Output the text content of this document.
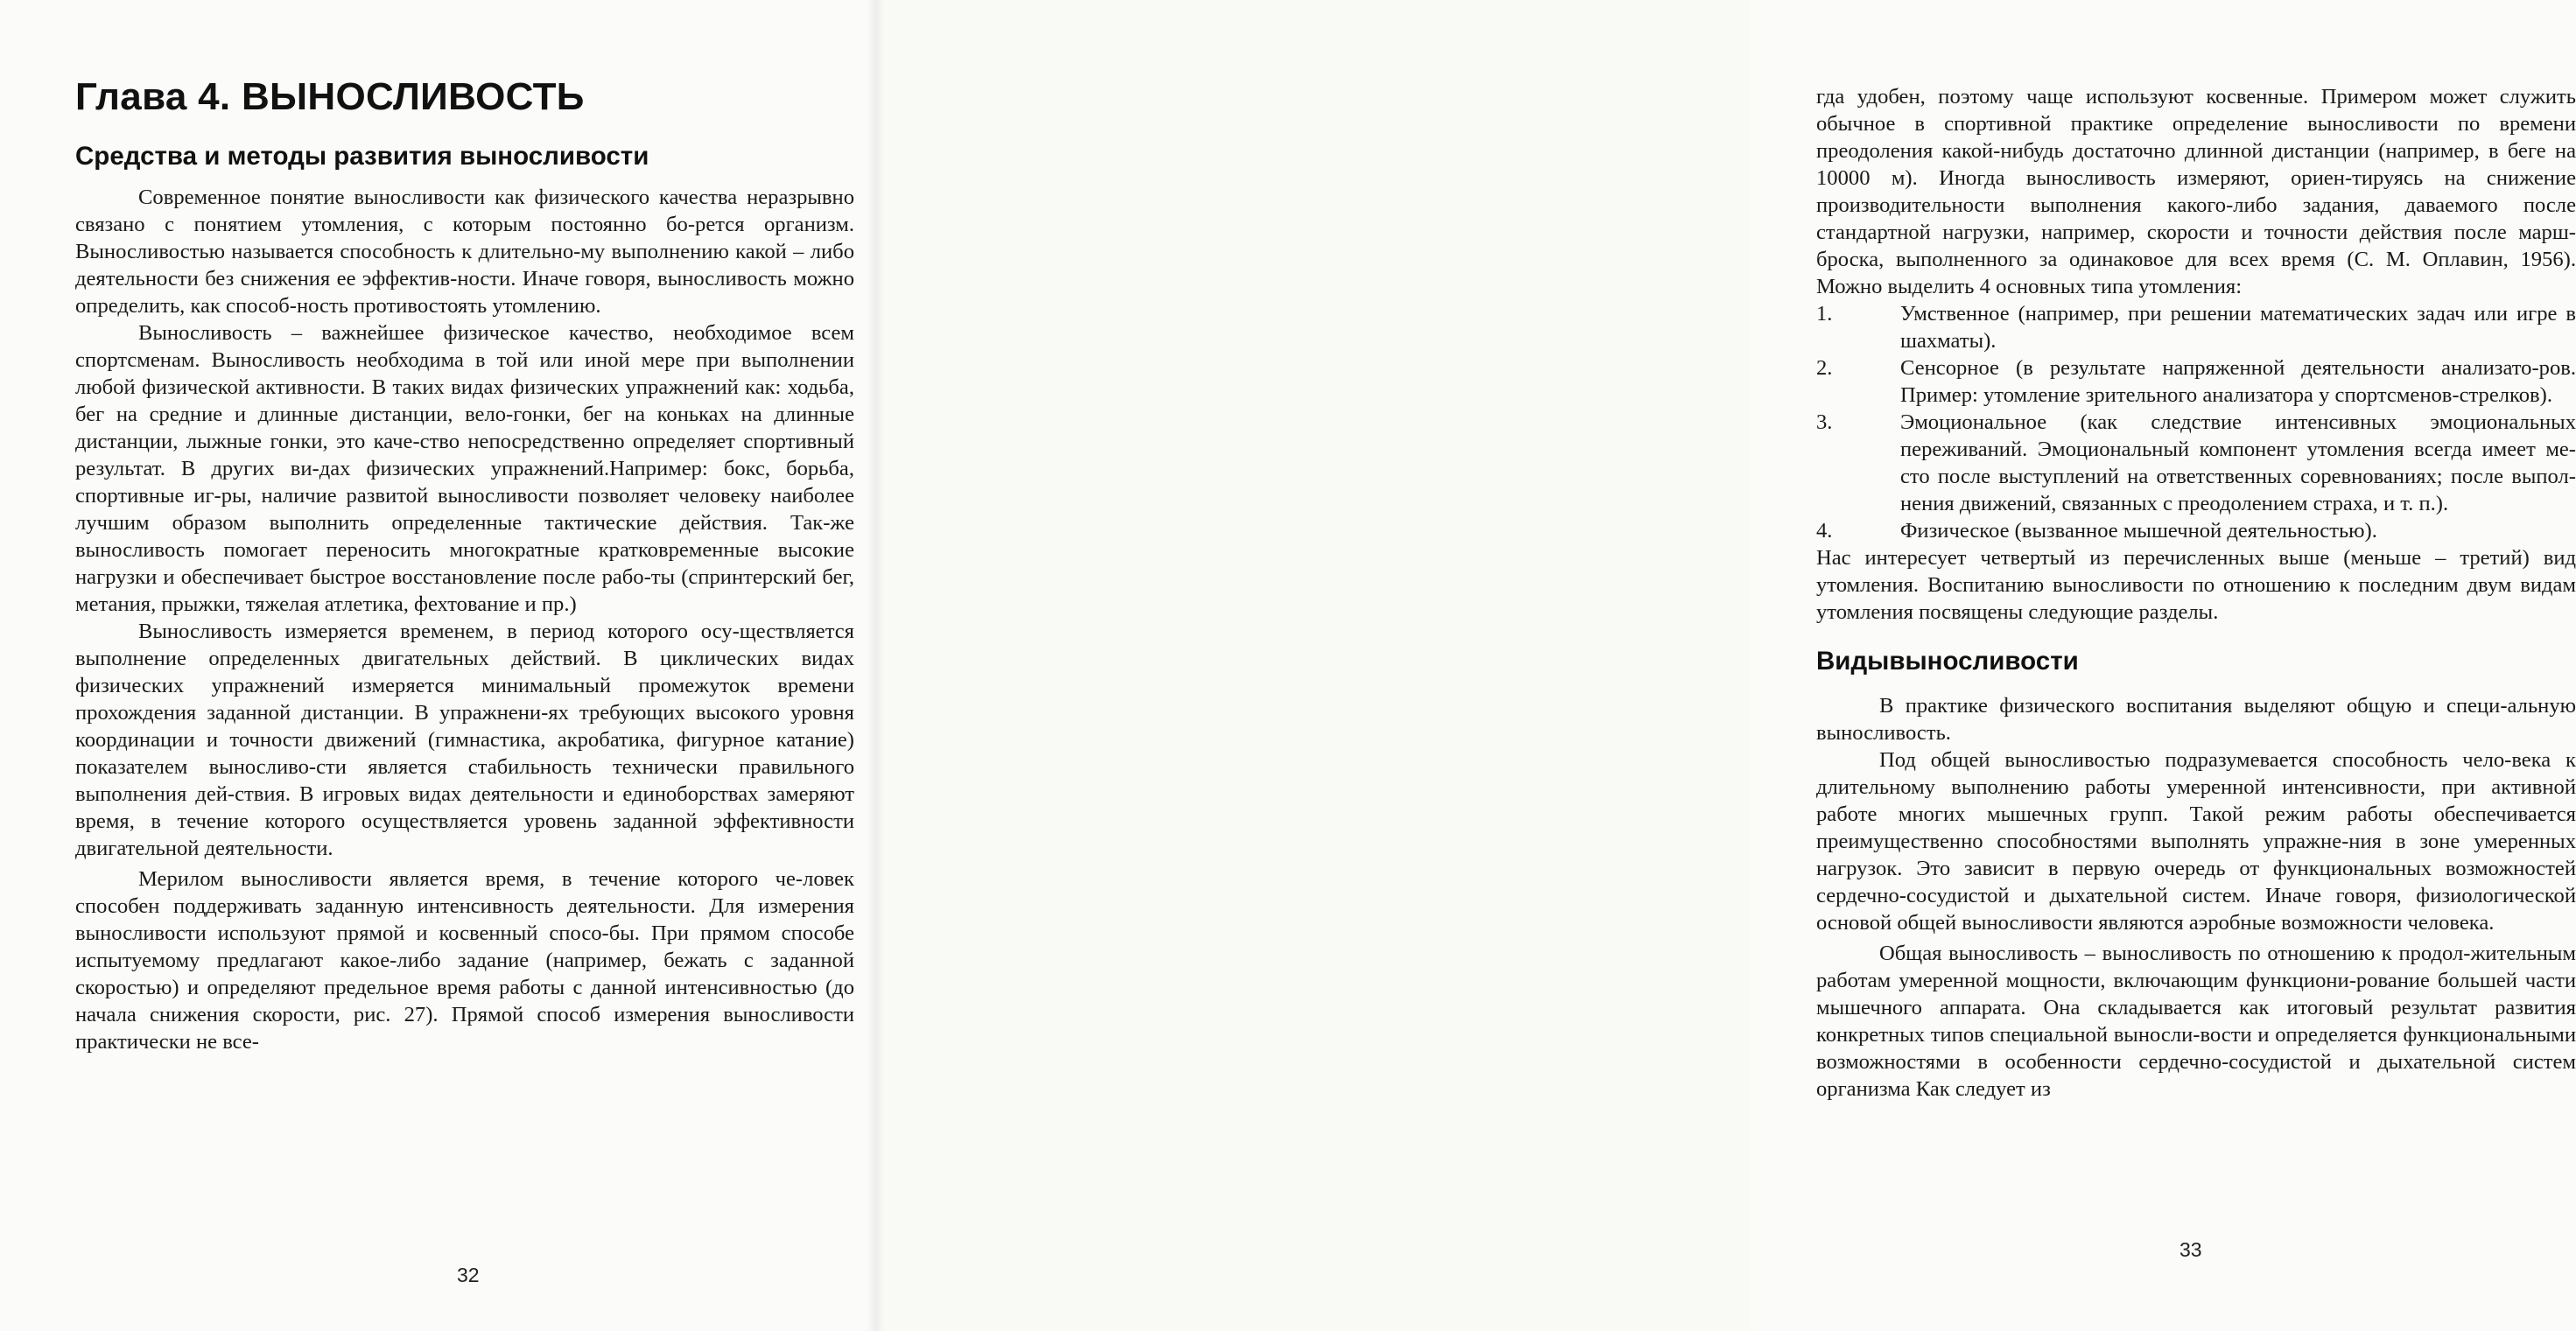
Глава 4. ВЫНОСЛИВОСТЬ
Средства и методы развития выносливости

Современное понятие выносливости как физического качества неразрывно связано с понятием утомления, с которым постоянно бо-рется организм. Выносливостью называется способность к длительно-му выполнению какой – либо деятельности без снижения ее эффектив-ности. Иначе говоря, выносливость можно определить, как способ-ность противостоять утомлению.

Выносливость – важнейшее физическое качество, необходимое всем спортсменам. Выносливость необходима в той или иной мере при выполнении любой физической активности. В таких видах физических упражнений как: ходьба, бег на средние и длинные дистанции, вело-гонки, бег на коньках на длинные дистанции, лыжные гонки, это каче-ство непосредственно определяет спортивный результат. В других ви-дах физических упражнений.Например: бокс, борьба, спортивные иг-ры, наличие развитой выносливости позволяет человеку наиболее лучшим образом выполнить определенные тактические действия. Так-же выносливость помогает переносить многократные кратковременные высокие нагрузки и обеспечивает быстрое восстановление после рабо-ты (спринтерский бег, метания, прыжки, тяжелая атлетика, фехтование и пр.)

Выносливость измеряется временем, в период которого осу-ществляется выполнение определенных двигательных действий. В циклических видах физических упражнений измеряется минимальный промежуток времени прохождения заданной дистанции. В упражнени-ях требующих высокого уровня координации и точности движений (гимнастика, акробатика, фигурное катание) показателем выносливо-сти является стабильность технически правильного выполнения дей-ствия. В игровых видах деятельности и единоборствах замеряют время, в течение которого осуществляется уровень заданной эффективности двигательной деятельности.

Мерилом выносливости является время, в течение которого че-ловек способен поддерживать заданную интенсивность деятельности. Для измерения выносливости используют прямой и косвенный спосо-бы. При прямом способе испытуемому предлагают какое-либо задание (например, бежать с заданной скоростью) и определяют предельное время работы с данной интенсивностью (до начала снижения скорости, рис. 27). Прямой способ измерения выносливости практически не все-

32

гда удобен, поэтому чаще используют косвенные. Примером может служить обычное в спортивной практике определение выносливости по времени преодоления какой-нибудь достаточно длинной дистанции (например, в беге на 10000 м). Иногда выносливость измеряют, ориен-тируясь на снижение производительности выполнения какого-либо задания, даваемого после стандартной нагрузки, например, скорости и точности действия после марш-броска, выполненного за одинаковое для всех время (С. М. Оплавин, 1956). Можно выделить 4 основных типа утомления:

1.	Умственное (например, при решении математических задач или игре в шахматы).
2.	Сенсорное (в результате напряженной деятельности анализато-ров. Пример: утомление зрительного анализатора у спортсменов-стрелков).
3.	Эмоциональное (как следствие интенсивных эмоциональных переживаний. Эмоциональный компонент утомления всегда имеет ме-сто после выступлений на ответственных соревнованиях; после выпол-нения движений, связанных с преодолением страха, и т. п.).
4.	Физическое (вызванное мышечной деятельностью).

Нас интересует четвертый из перечисленных выше (меньше – третий) вид утомления. Воспитанию выносливости по отношению к последним двум видам утомления посвящены следующие разделы.

Видывыносливости

В практике физического воспитания выделяют общую и специ-альную выносливость.

Под общей выносливостью подразумевается способность чело-века к длительному выполнению работы умеренной интенсивности, при активной работе многих мышечных групп. Такой режим работы обеспечивается преимущественно способностями выполнять упражне-ния в зоне умеренных нагрузок. Это зависит в первую очередь от функциональных возможностей сердечно-сосудистой и дыхательной систем. Иначе говоря, физиологической основой общей выносливости являются аэробные возможности человека.

Общая выносливость – выносливость по отношению к продол-жительным работам умеренной мощности, включающим функциони-рование большей части мышечного аппарата. Она складывается как итоговый результат развития конкретных типов специальной выносли-вости и определяется функциональными возможностями в особенности сердечно-сосудистой и дыхательной систем организма Как следует из

33
